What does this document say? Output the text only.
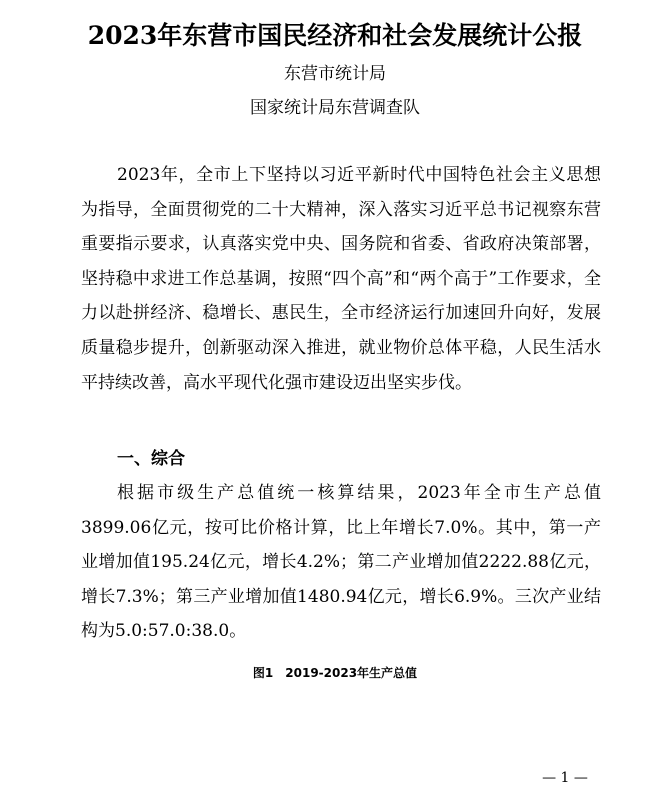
2023年东营市国民经济和社会发展统计公报
东营市统计局
国家统计局东营调查队
2023年，全市上下坚持以习近平新时代中国特色社会主义思想为指导，全面贯彻党的二十大精神，深入落实习近平总书记视察东营重要指示要求，认真落实党中央、国务院和省委、省政府决策部署，坚持稳中求进工作总基调，按照“四个高”和“两个高于”工作要求，全力以赴拼经济、稳增长、惠民生，全市经济运行加速回升向好，发展质量稳步提升，创新驱动深入推进，就业物价总体平稳，人民生活水平持续改善，高水平现代化强市建设迈出坚实步伐。
一、综合
根据市级生产总值统一核算结果，2023年全市生产总值3899.06亿元，按可比价格计算，比上年增长7.0%。其中，第一产业增加值195.24亿元，增长4.2%；第二产业增加值2222.88亿元，增长7.3%；第三产业增加值1480.94亿元，增长6.9%。三次产业结构为5.0:57.0:38.0。
图1　2019-2023年生产总值
— 1 —
